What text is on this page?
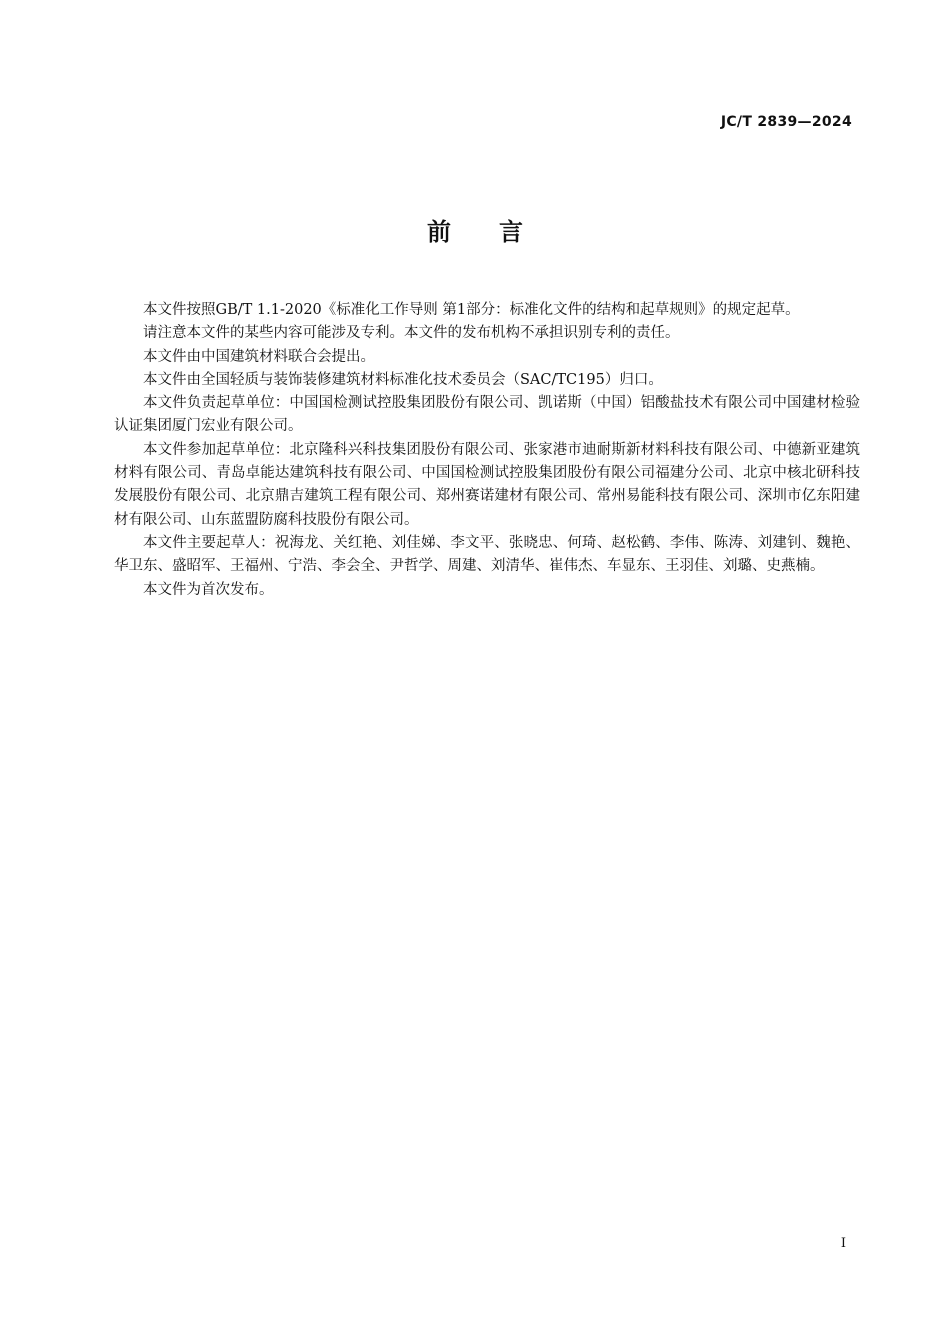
JC/T 2839—2024
前言

本文件按照GB/T 1.1-2020《标准化工作导则 第1部分：标准化文件的结构和起草规则》的规定起草。

请注意本文件的某些内容可能涉及专利。本文件的发布机构不承担识别专利的责任。

本文件由中国建筑材料联合会提出。

本文件由全国轻质与装饰装修建筑材料标准化技术委员会（SAC/TC195）归口。

本文件负责起草单位：中国国检测试控股集团股份有限公司、凯诺斯（中国）铝酸盐技术有限公司中国建材检验认证集团厦门宏业有限公司。

本文件参加起草单位：北京隆科兴科技集团股份有限公司、张家港市迪耐斯新材料科技有限公司、中德新亚建筑材料有限公司、青岛卓能达建筑科技有限公司、中国国检测试控股集团股份有限公司福建分公司、北京中核北研科技发展股份有限公司、北京鼎吉建筑工程有限公司、郑州赛诺建材有限公司、常州易能科技有限公司、深圳市亿东阳建材有限公司、山东蓝盟防腐科技股份有限公司。

本文件主要起草人：祝海龙、关红艳、刘佳娣、李文平、张晓忠、何琦、赵松鹤、李伟、陈涛、刘建钊、魏艳、华卫东、盛昭军、王福州、宁浩、李会全、尹哲学、周建、刘清华、崔伟杰、车显东、王羽佳、刘璐、史燕楠。

本文件为首次发布。

I
